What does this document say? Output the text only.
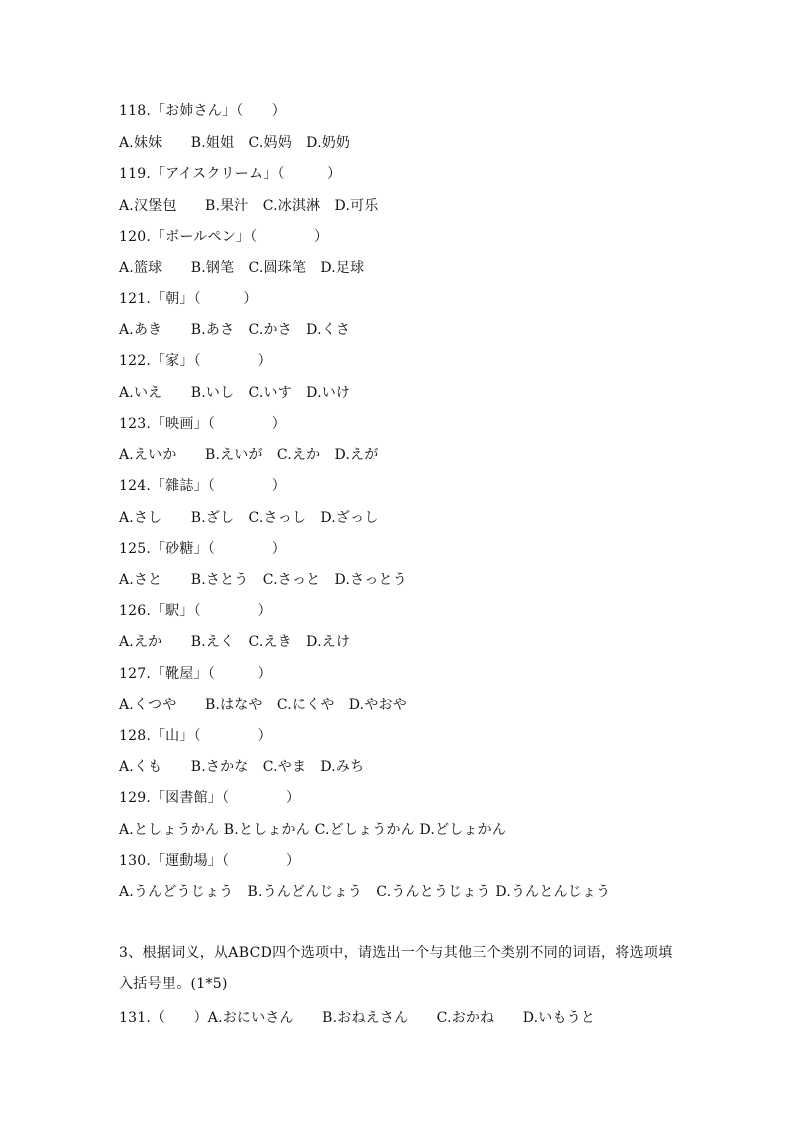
118.「お姉さん」（　　）
A.妹妹　　B.姐姐　C.妈妈　D.奶奶
119.「アイスクリーム」（　　　）
A.汉堡包　　B.果汁　C.冰淇淋　D.可乐
120.「ボールペン」（　　　　）
A.篮球　　B.钢笔　C.圆珠笔　D.足球
121.「朝」（　　　）
A.あき　　B.あさ　C.かさ　D.くさ
122.「家」（　　　　）
A.いえ　　B.いし　C.いす　D.いけ
123.「映画」（　　　　）
A.えいか　　B.えいが　C.えか　D.えが
124.「雜誌」（　　　　）
A.さし　　B.ざし　C.さっし　D.ざっし
125.「砂糖」（　　　　）
A.さと　　B.さとう　C.さっと　D.さっとう
126.「駅」（　　　　）
A.えか　　B.えく　C.えき　D.えけ
127.「靴屋」（　　　）
A.くつや　　B.はなや　C.にくや　D.やおや
128.「山」（　　　　）
A.くも　　B.さかな　C.やま　D.みち
129.「図書館」（　　　　）
A.としょうかん B.としょかん C.どしょうかん D.どしょかん
130.「運動場」（　　　　）
A.うんどうじょう　B.うんどんじょう　C.うんとうじょう D.うんとんじょう
3、根据词义，从ABCD四个选项中，请选出一个与其他三个类别不同的词语，将选项填入括号里。(1*5)
131.（　　）A.おにいさん　　B.おねえさん　　C.おかね　　D.いもうと
